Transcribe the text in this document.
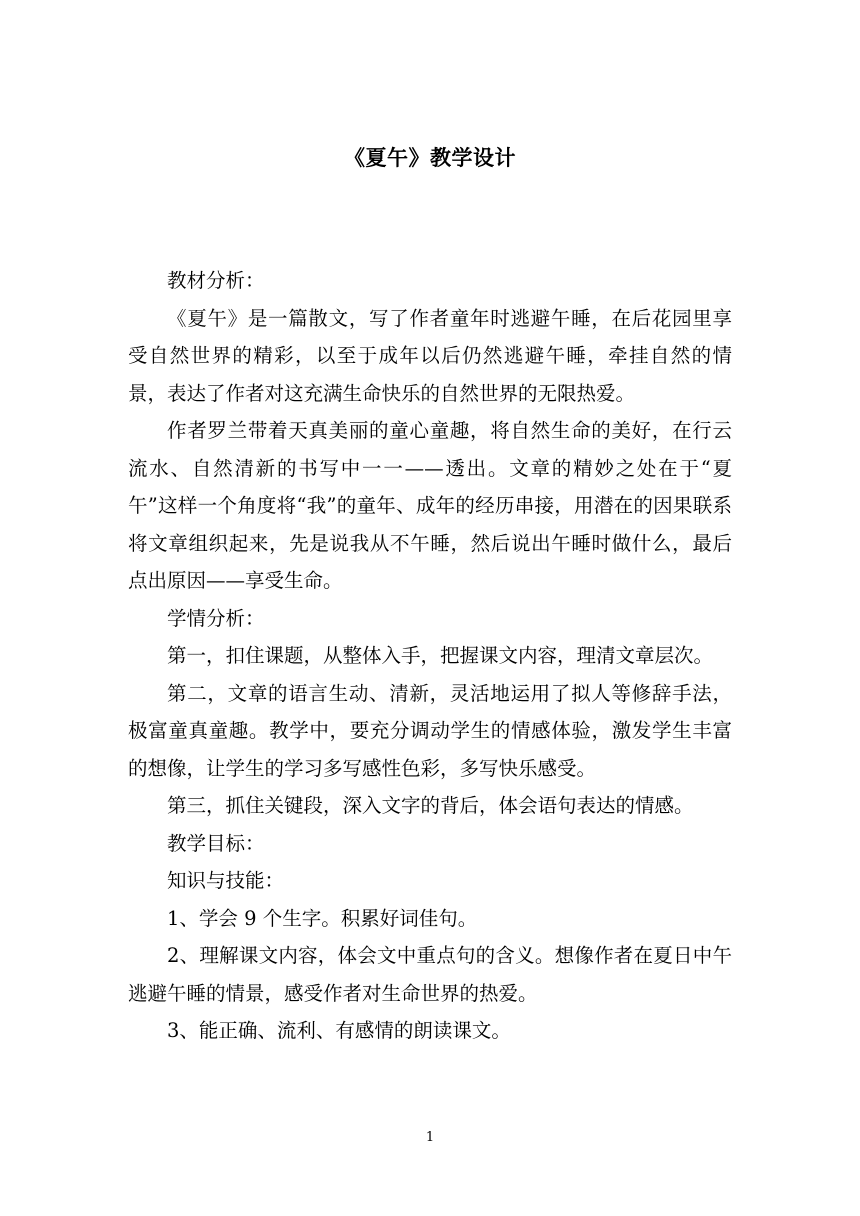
《夏午》教学设计

教材分析：

《夏午》是一篇散文，写了作者童年时逃避午睡，在后花园里享受自然世界的精彩，以至于成年以后仍然逃避午睡，牵挂自然的情景，表达了作者对这充满生命快乐的自然世界的无限热爱。

作者罗兰带着天真美丽的童心童趣，将自然生命的美好，在行云流水、自然清新的书写中一一——透出。文章的精妙之处在于“夏午”这样一个角度将“我”的童年、成年的经历串接，用潜在的因果联系将文章组织起来，先是说我从不午睡，然后说出午睡时做什么，最后点出原因——享受生命。

学情分析：

第一，扣住课题，从整体入手，把握课文内容，理清文章层次。

第二，文章的语言生动、清新，灵活地运用了拟人等修辞手法，极富童真童趣。教学中，要充分调动学生的情感体验，激发学生丰富的想像，让学生的学习多写感性色彩，多写快乐感受。

第三，抓住关键段，深入文字的背后，体会语句表达的情感。

教学目标：

知识与技能：

1、学会 9 个生字。积累好词佳句。

2、理解课文内容，体会文中重点句的含义。想像作者在夏日中午逃避午睡的情景，感受作者对生命世界的热爱。

3、能正确、流利、有感情的朗读课文。

1
